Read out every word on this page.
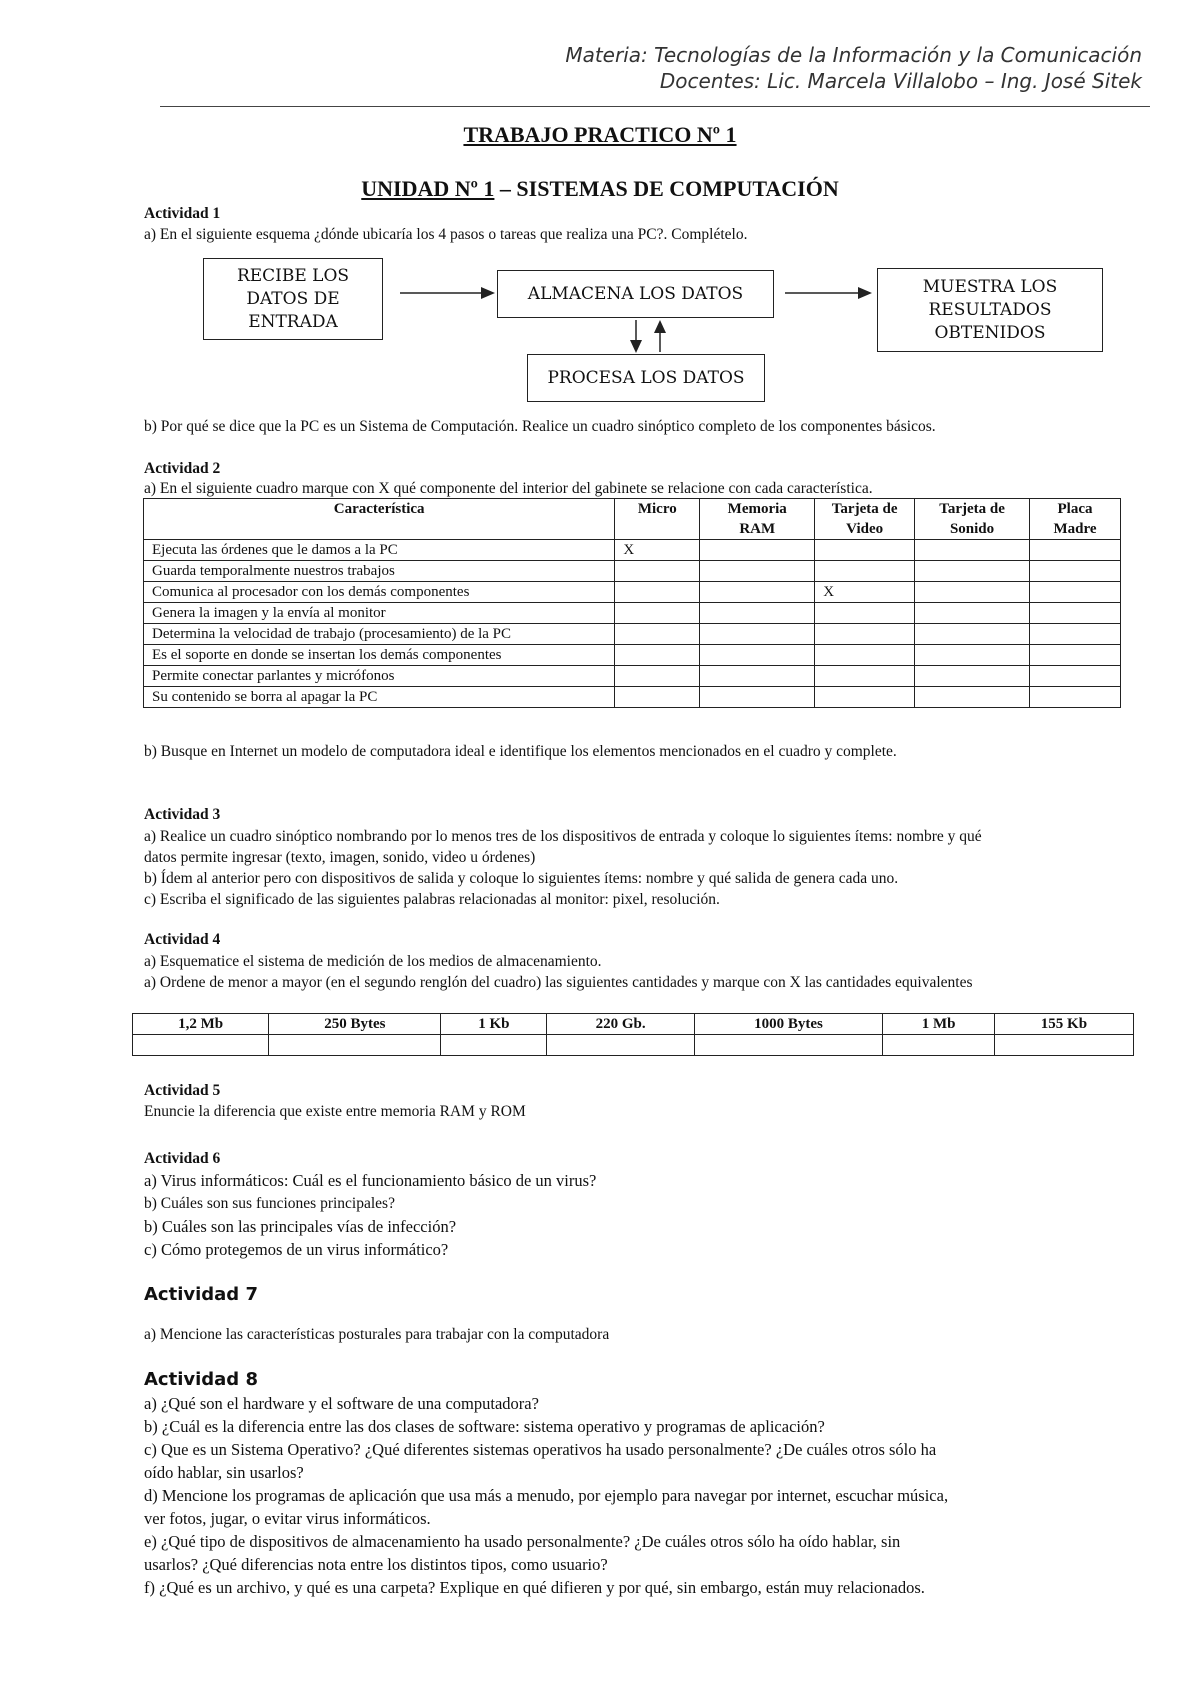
Materia: Tecnologías de la Información y la Comunicación
Docentes: Lic. Marcela Villalobo – Ing. José Sitek
TRABAJO PRACTICO Nº 1
UNIDAD Nº 1 – SISTEMAS DE COMPUTACIÓN
Actividad 1
a) En el siguiente esquema ¿dónde ubicaría los 4 pasos o tareas que realiza una PC?. Complételo.
RECIBE LOS DATOS DE ENTRADA
ALMACENA LOS DATOS	MUESTRA LOS RESULTADOS OBTENIDOS
PROCESA LOS DATOS
b) Por qué se dice que la PC es un Sistema de Computación. Realice un cuadro sinóptico completo de los componentes básicos.
Actividad 2
a) En el siguiente cuadro marque con X qué componente del interior del gabinete se relacione con cada característica.
Característica	Micro	Memoria RAM	Tarjeta de Video	Tarjeta de Sonido	Placa Madre
Ejecuta las órdenes que le damos a la PC	X				
Guarda temporalmente nuestros trabajos					
Comunica al procesador con los demás componentes			X		
Genera la imagen y la envía al monitor					
Determina la velocidad de trabajo (procesamiento) de la PC					
Es el soporte en donde se insertan los demás componentes					
Permite conectar parlantes y micrófonos					
Su contenido se borra al apagar la PC					
b) Busque en Internet un modelo de computadora ideal e identifique los elementos mencionados en el cuadro y complete.
Actividad 3
a) Realice un cuadro sinóptico nombrando por lo menos tres de los dispositivos de entrada y coloque lo siguientes ítems: nombre y qué
datos permite ingresar (texto, imagen, sonido, video u órdenes)
b) Ídem al anterior pero con dispositivos de salida y coloque lo siguientes ítems: nombre y qué salida de genera cada uno.
c) Escriba el significado de las siguientes palabras relacionadas al monitor: pixel, resolución.
Actividad 4
a) Esquematice el sistema de medición de los medios de almacenamiento.
a) Ordene de menor a mayor (en el segundo renglón del cuadro) las siguientes cantidades y marque con X las cantidades equivalentes
1,2 Mb	250 Bytes	1 Kb	220 Gb.	1000 Bytes	1 Mb	155 Kb

Actividad 5
Enuncie la diferencia que existe entre memoria RAM y ROM
Actividad 6
a) Virus informáticos: Cuál es el funcionamiento básico de un virus?
b) Cuáles son sus funciones principales?
b) Cuáles son las principales vías de infección?
c) Cómo protegemos de un virus informático?
Actividad 7
a) Mencione las características posturales para trabajar con la computadora
Actividad 8
a) ¿Qué son el hardware y el software de una computadora?
b) ¿Cuál es la diferencia entre las dos clases de software: sistema operativo y programas de aplicación?
c) Que es un Sistema Operativo? ¿Qué diferentes sistemas operativos ha usado personalmente? ¿De cuáles otros sólo ha
oído hablar, sin usarlos?
d) Mencione los programas de aplicación que usa más a menudo, por ejemplo para navegar por internet, escuchar música,
ver fotos, jugar, o evitar virus informáticos.
e) ¿Qué tipo de dispositivos de almacenamiento ha usado personalmente? ¿De cuáles otros sólo ha oído hablar, sin
usarlos? ¿Qué diferencias nota entre los distintos tipos, como usuario?
f) ¿Qué es un archivo, y qué es una carpeta? Explique en qué difieren y por qué, sin embargo, están muy relacionados.
